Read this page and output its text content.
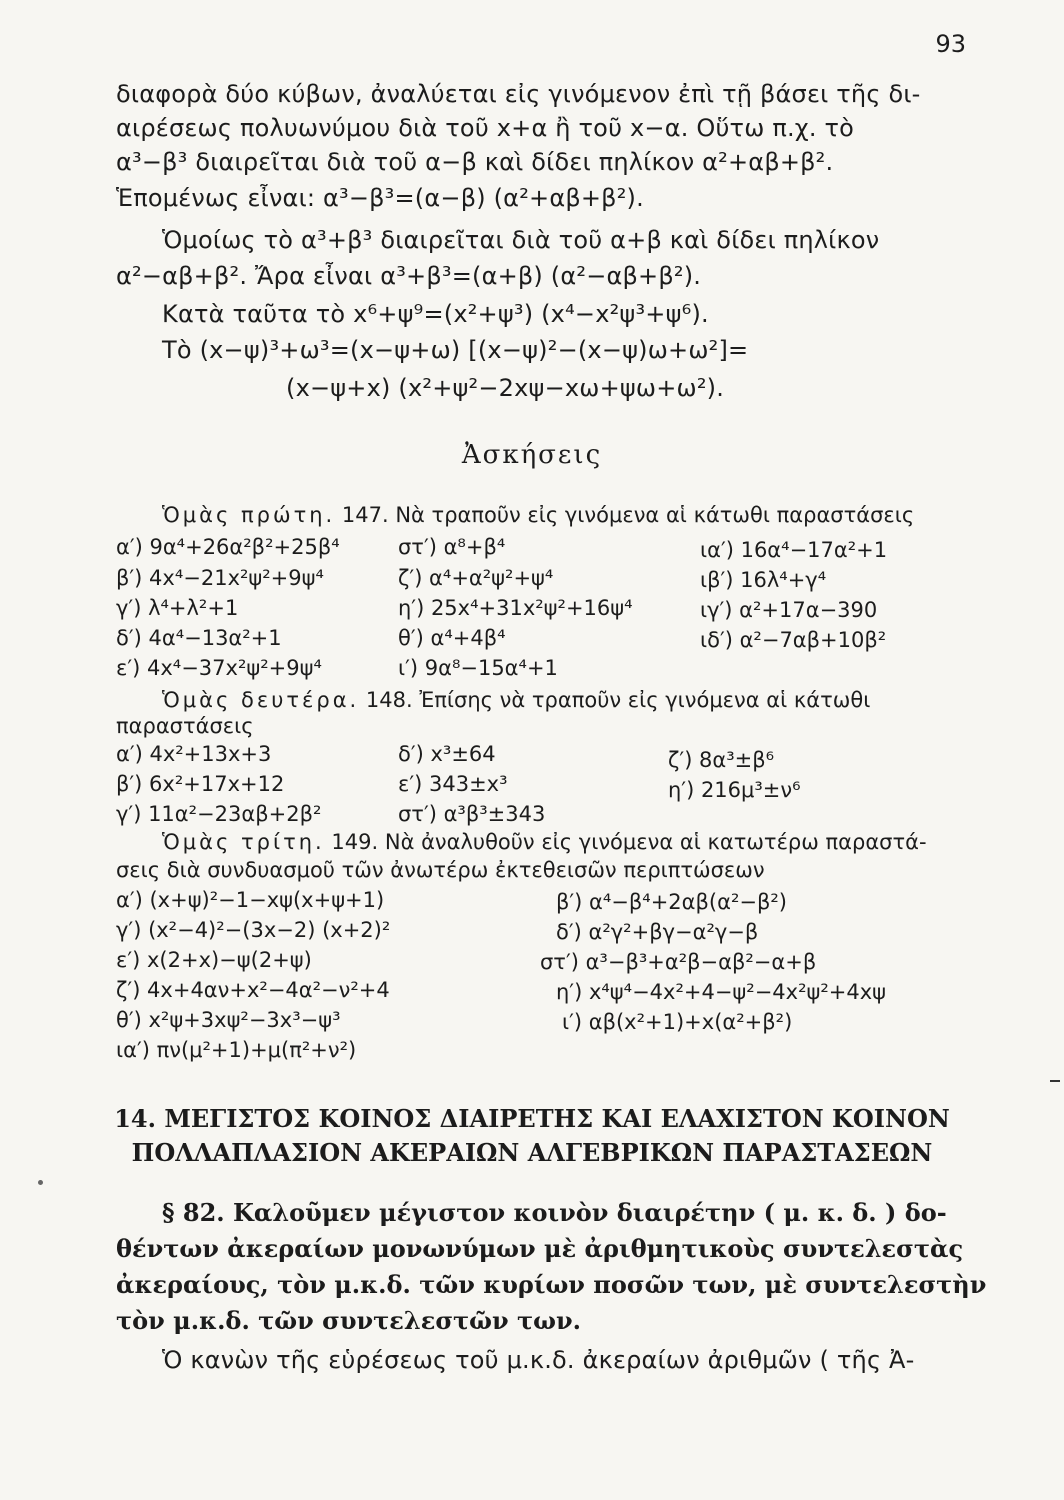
93
διαφορὰ δύο κύβων, ἀναλύεται εἰς γινόμενον ἐπὶ τῇ βάσει τῆς δι-
αιρέσεως πολυωνύμου διὰ τοῦ x+α ἢ τοῦ x−α. Οὕτω π.χ. τὸ
α³−β³ διαιρεῖται διὰ τοῦ α−β καὶ δίδει πηλίκον α²+αβ+β².
Ἑπομένως εἶναι: α³−β³=(α−β) (α²+αβ+β²).
Ὁμοίως τὸ α³+β³ διαιρεῖται διὰ τοῦ α+β καὶ δίδει πηλίκον
α²−αβ+β². Ἄρα εἶναι α³+β³=(α+β) (α²−αβ+β²).
Κατὰ ταῦτα τὸ x⁶+ψ⁹=(x²+ψ³) (x⁴−x²ψ³+ψ⁶).
Τὸ (x−ψ)³+ω³=(x−ψ+ω) [(x−ψ)²−(x−ψ)ω+ω²]=
(x−ψ+x) (x²+ψ²−2xψ−xω+ψω+ω²).
Ἀσκήσεις
Ὁμὰς πρώτη. 147. Νὰ τραποῦν εἰς γινόμενα αἱ κάτωθι παραστάσεις
α′) 9α⁴+26α²β²+25β⁴
β′) 4x⁴−21x²ψ²+9ψ⁴
γ′) λ⁴+λ²+1
δ′) 4α⁴−13α²+1
ε′) 4x⁴−37x²ψ²+9ψ⁴
στ′) α⁸+β⁴
ζ′) α⁴+α²ψ²+ψ⁴
η′) 25x⁴+31x²ψ²+16ψ⁴
θ′) α⁴+4β⁴
ι′) 9α⁸−15α⁴+1
ια′) 16α⁴−17α²+1
ιβ′) 16λ⁴+γ⁴
ιγ′) α²+17α−390
ιδ′) α²−7αβ+10β²
Ὁμὰς δευτέρα. 148. Ἐπίσης νὰ τραποῦν εἰς γινόμενα αἱ κάτωθι
παραστάσεις
α′) 4x²+13x+3
β′) 6x²+17x+12
γ′) 11α²−23αβ+2β²
δ′) x³±64
ε′) 343±x³
στ′) α³β³±343
ζ′) 8α³±β⁶
η′) 216μ³±ν⁶
Ὁμὰς τρίτη. 149. Νὰ ἀναλυθοῦν εἰς γινόμενα αἱ κατωτέρω παραστά-
σεις διὰ συνδυασμοῦ τῶν ἀνωτέρω ἐκτεθεισῶν περιπτώσεων
α′) (x+ψ)²−1−xψ(x+ψ+1)
γ′) (x²−4)²−(3x−2) (x+2)²
ε′) x(2+x)−ψ(2+ψ)
ζ′) 4x+4αν+x²−4α²−ν²+4
θ′) x²ψ+3xψ²−3x³−ψ³
ια′) πν(μ²+1)+μ(π²+ν²)
β′) α⁴−β⁴+2αβ(α²−β²)
δ′) α²γ²+βγ−α²γ−β
στ′) α³−β³+α²β−αβ²−α+β
η′) x⁴ψ⁴−4x²+4−ψ²−4x²ψ²+4xψ
ι′) αβ(x²+1)+x(α²+β²)
14. ΜΕΓΙΣΤΟΣ ΚΟΙΝΟΣ ΔΙΑΙΡΕΤΗΣ ΚΑΙ ΕΛΑΧΙΣΤΟΝ ΚΟΙΝΟΝ
ΠΟΛΛΑΠΛΑΣΙΟΝ ΑΚΕΡΑΙΩΝ ΑΛΓΕΒΡΙΚΩΝ ΠΑΡΑΣΤΑΣΕΩΝ
§ 82. Καλοῦμεν μέγιστον κοινὸν διαιρέτην ( μ. κ. δ. ) δο-
θέντων ἀκεραίων μονωνύμων μὲ ἀριθμητικοὺς συντελεστὰς
ἀκεραίους, τὸν μ.κ.δ. τῶν κυρίων ποσῶν των, μὲ συντελεστὴν
τὸν μ.κ.δ. τῶν συντελεστῶν των.
Ὁ κανὼν τῆς εὑρέσεως τοῦ μ.κ.δ. ἀκεραίων ἀριθμῶν ( τῆς Ἀ-
